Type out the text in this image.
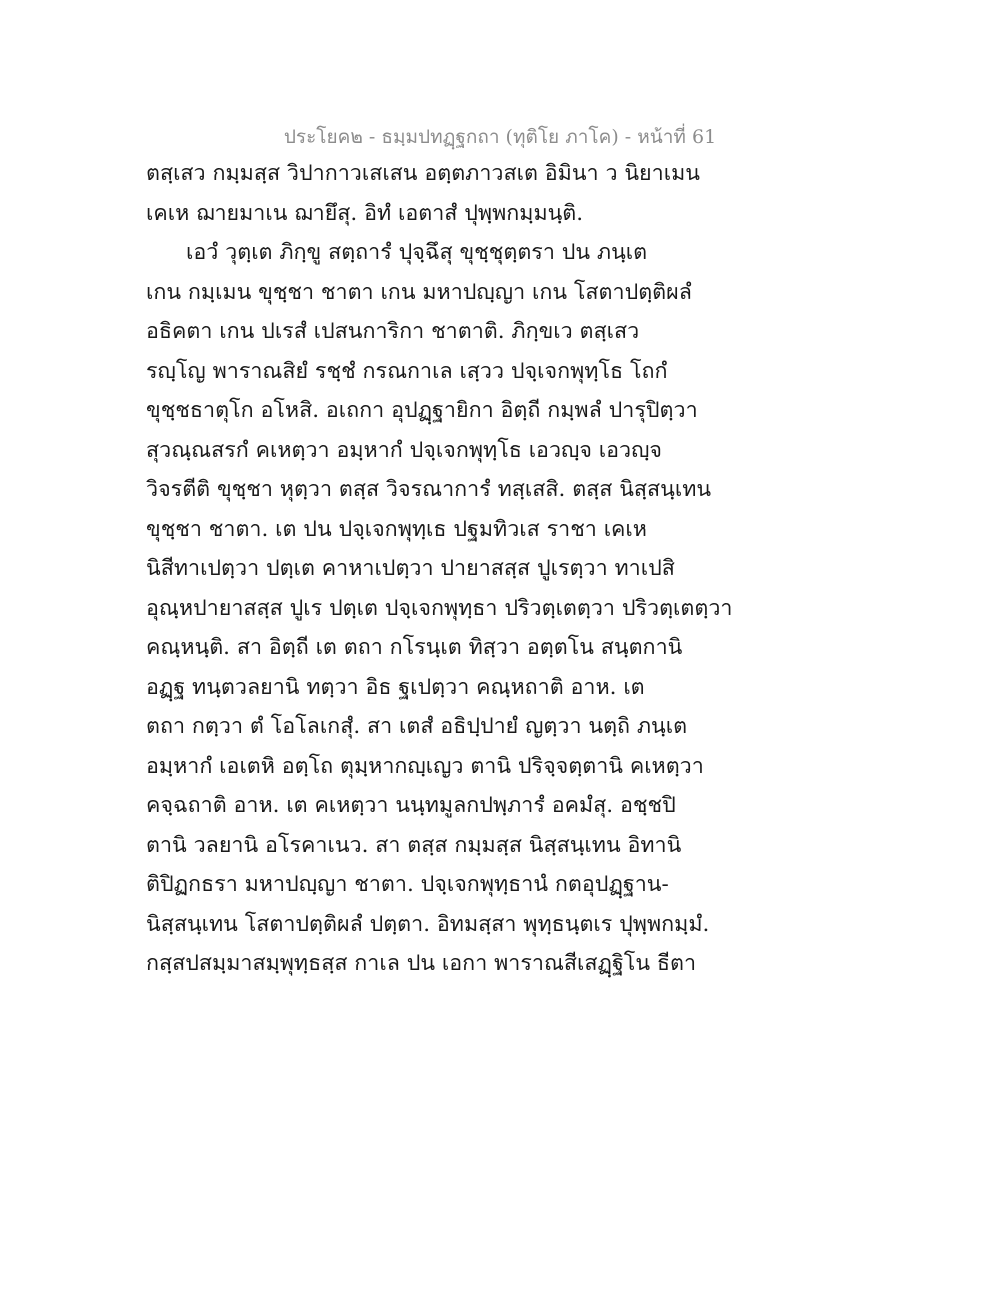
ประโยค๒ - ธมฺมปทฏฺฐกถา (ทุติโย ภาโค) - หน้าที่ 61
ตสฺเสว กมฺมสฺส วิปากาวเสเสน อตฺตภาวสเต อิมินา ว นิยาเมน
เคเห ฌายมาเน ฌายึสุ. อิทํ เอตาสํ ปุพฺพกมฺมนฺติ.
เอวํ วุตฺเต ภิกฺขู สตฺถารํ ปุจฺฉึสุ ขุชฺชุตฺตรา ปน ภนฺเต
เกน กมฺเมน ขุชฺชา ชาตา เกน มหาปญฺญา เกน โสตาปตฺติผลํ
อธิคตา เกน ปเรสํ เปสนการิกา ชาตาติ. ภิกฺขเว ตสฺเสว
รญฺโญ พาราณสิยํ รชฺชํ กรณกาเล เสฺวว ปจฺเจกพุทฺโธ โถกํ
ขุชฺชธาตุโก อโหสิ. อเถกา อุปฏฺฐายิกา อิตฺถี กมฺพลํ ปารุปิตฺวา
สุวณฺณสรกํ คเหตฺวา อมฺหากํ ปจฺเจกพุทฺโธ เอวญฺจ เอวญฺจ
วิจรตีติ ขุชฺชา หุตฺวา ตสฺส วิจรณาการํ ทสฺเสสิ. ตสฺส นิสฺสนฺเทน
ขุชฺชา ชาตา. เต ปน ปจฺเจกพุทฺเธ ปฐมทิวเส ราชา เคเห
นิสีทาเปตฺวา ปตฺเต คาหาเปตฺวา ปายาสสฺส ปูเรตฺวา ทาเปสิ
อุณฺหปายาสสฺส ปูเร ปตฺเต ปจฺเจกพุทฺธา ปริวตฺเตตฺวา ปริวตฺเตตฺวา
คณฺหนฺติ. สา อิตฺถี เต ตถา กโรนฺเต ทิสฺวา อตฺตโน สนฺตกานิ
อฏฺฐ ทนฺตวลยานิ ทตฺวา อิธ ฐเปตฺวา คณฺหถาติ อาห. เต
ตถา กตฺวา ตํ โอโลเกสุํ. สา เตสํ อธิปฺปายํ ญตฺวา นตฺถิ ภนฺเต
อมฺหากํ เอเตหิ อตฺโถ ตุมฺหากญฺเญว ตานิ ปริจฺจตฺตานิ คเหตฺวา
คจฺฉถาติ อาห. เต คเหตฺวา นนฺทมูลกปพฺภารํ อคมํสุ. อชฺชปิ
ตานิ วลยานิ อโรคาเนว. สา ตสฺส กมฺมสฺส นิสฺสนฺเทน อิทานิ
ติปิฏกธรา มหาปญฺญา ชาตา. ปจฺเจกพุทฺธานํ กตอุปฏฺฐาน-
นิสฺสนฺเทน โสตาปตฺติผลํ ปตฺตา. อิทมสฺสา พุทฺธนฺตเร ปุพฺพกมฺมํ.
กสฺสปสมฺมาสมฺพุทฺธสฺส กาเล ปน เอกา พาราณสีเสฏฺฐิโน ธีตา
